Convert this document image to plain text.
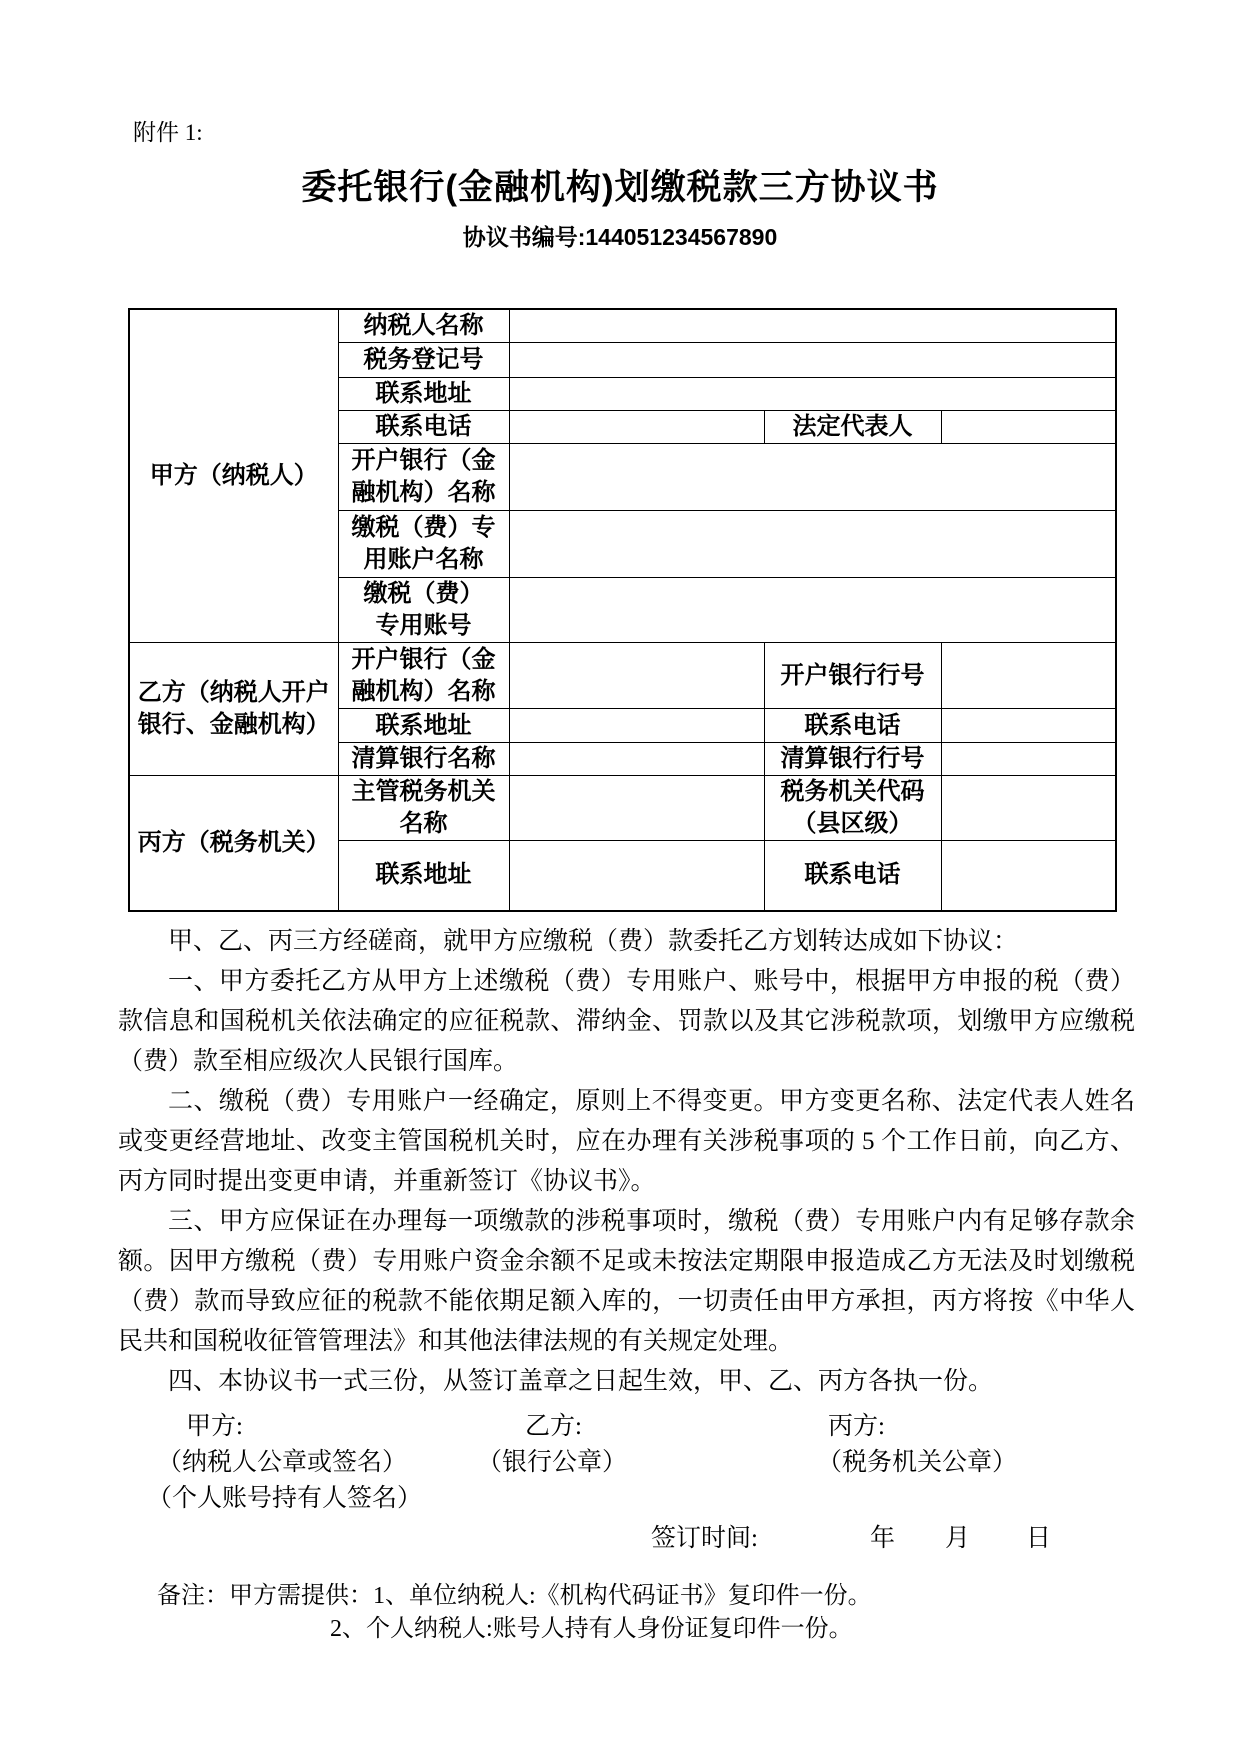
附件 1:
委托银行(金融机构)划缴税款三方协议书
协议书编号:144051234567890
甲方（纳税人）	纳税人名称			
	税务登记号			
	联系地址			
	联系电话		法定代表人	
	开户银行（金
融机构）名称			
	缴税（费）专
用账户名称			
	缴税（费）
专用账号			
乙方（纳税人开户
银行、金融机构）	开户银行（金
融机构）名称		开户银行行号	
	联系地址		联系电话	
	清算银行名称		清算银行行号	
丙方（税务机关）	主管税务机关
名称		税务机关代码
（县区级）	
	联系地址		联系电话	

甲、乙、丙三方经磋商，就甲方应缴税（费）款委托乙方划转达成如下协议：

一、甲方委托乙方从甲方上述缴税（费）专用账户、账号中，根据甲方申报的税（费）款信息和国税机关依法确定的应征税款、滞纳金、罚款以及其它涉税款项，划缴甲方应缴税（费）款至相应级次人民银行国库。

二、缴税（费）专用账户一经确定，原则上不得变更。甲方变更名称、法定代表人姓名或变更经营地址、改变主管国税机关时，应在办理有关涉税事项的 5 个工作日前，向乙方、丙方同时提出变更申请，并重新签订《协议书》。

三、甲方应保证在办理每一项缴款的涉税事项时，缴税（费）专用账户内有足够存款余额。因甲方缴税（费）专用账户资金余额不足或未按法定期限申报造成乙方无法及时划缴税（费）款而导致应征的税款不能依期足额入库的，一切责任由甲方承担，丙方将按《中华人民共和国税收征管管理法》和其他法律法规的有关规定处理。

四、本协议书一式三份，从签订盖章之日起生效，甲、乙、丙方各执一份。

甲方:	乙方:	丙方:
（纳税人公章或签名）	（银行公章）	（税务机关公章）
（个人账号持有人签名）
签订时间:	年 月 日
备注：甲方需提供：1、单位纳税人:《机构代码证书》复印件一份。
2、个人纳税人:账号人持有人身份证复印件一份。
